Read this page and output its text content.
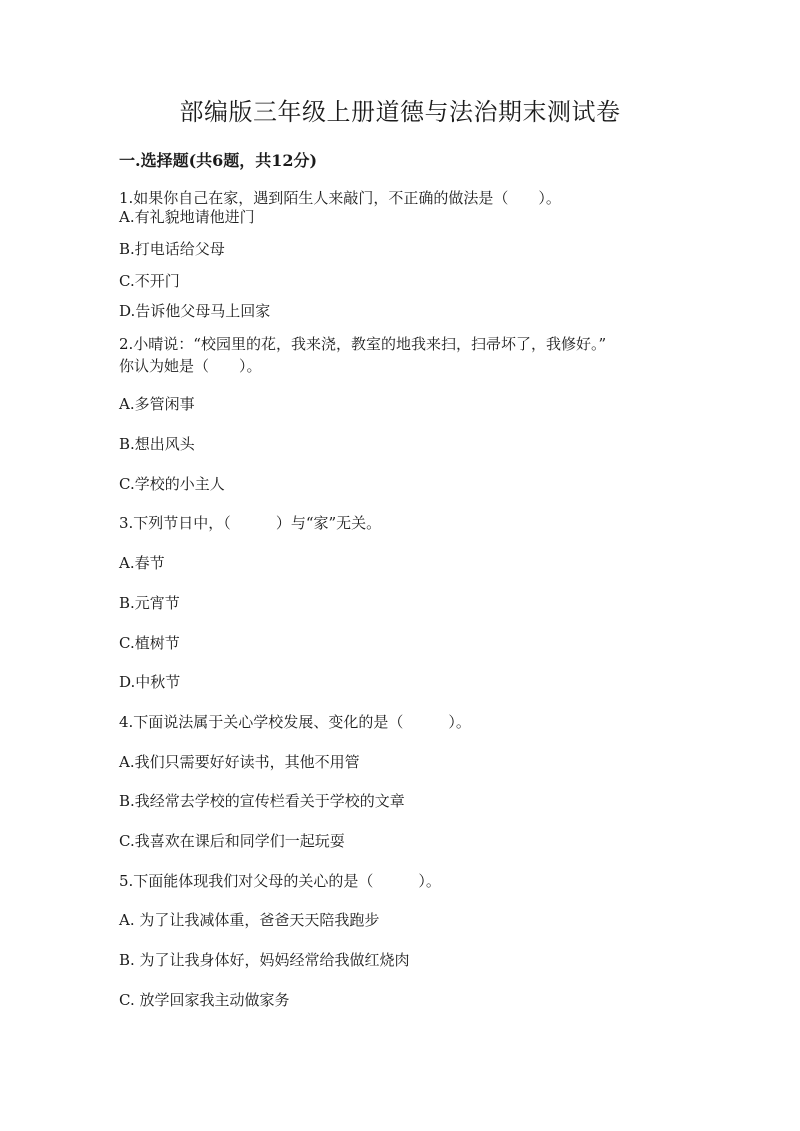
部编版三年级上册道德与法治期末测试卷
一.选择题(共6题，共12分)
1.如果你自己在家，遇到陌生人来敲门，不正确的做法是（　　）。
A.有礼貌地请他进门
B.打电话给父母
C.不开门
D.告诉他父母马上回家
2.小晴说：“校园里的花，我来浇，教室的地我来扫，扫帚坏了，我修好。”
你认为她是（　　）。
A.多管闲事
B.想出风头
C.学校的小主人
3.下列节日中，（　　　）与“家”无关。
A.春节
B.元宵节
C.植树节
D.中秋节
4.下面说法属于关心学校发展、变化的是（　　　）。
A.我们只需要好好读书，其他不用管
B.我经常去学校的宣传栏看关于学校的文章
C.我喜欢在课后和同学们一起玩耍
5.下面能体现我们对父母的关心的是（　　　）。
A. 为了让我减体重，爸爸天天陪我跑步
B. 为了让我身体好，妈妈经常给我做红烧肉
C. 放学回家我主动做家务
